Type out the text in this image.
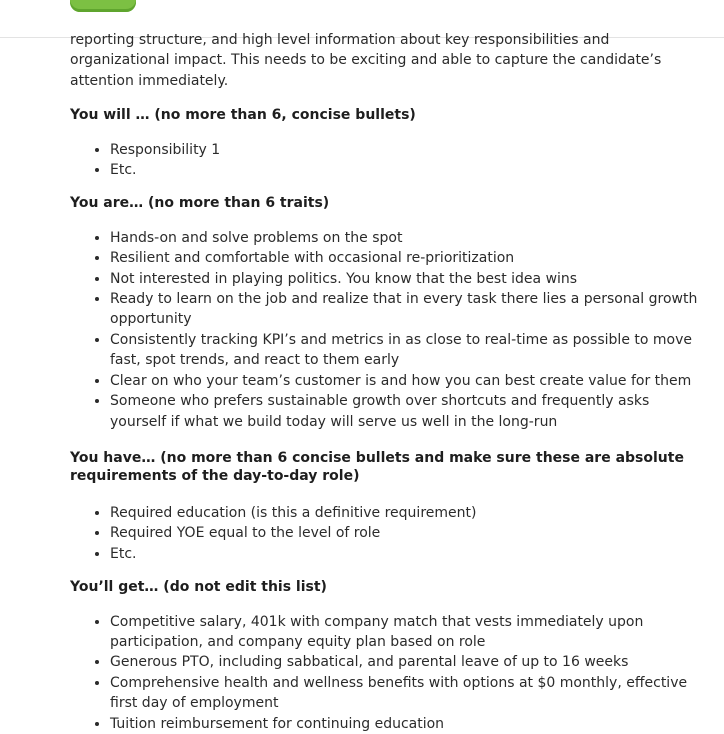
reporting structure, and high level information about key responsibilities and organizational impact. This needs to be exciting and able to capture the candidate’s attention immediately.

You will … (no more than 6, concise bullets)

• Responsibility 1
• Etc.

You are… (no more than 6 traits)

• Hands-on and solve problems on the spot
• Resilient and comfortable with occasional re-prioritization
• Not interested in playing politics. You know that the best idea wins
• Ready to learn on the job and realize that in every task there lies a personal growth opportunity
• Consistently tracking KPI’s and metrics in as close to real-time as possible to move fast, spot trends, and react to them early
• Clear on who your team’s customer is and how you can best create value for them
• Someone who prefers sustainable growth over shortcuts and frequently asks yourself if what we build today will serve us well in the long-run

You have… (no more than 6 concise bullets and make sure these are absolute requirements of the day-to-day role)

• Required education (is this a definitive requirement)
• Required YOE equal to the level of role
• Etc.

You’ll get… (do not edit this list)

• Competitive salary, 401k with company match that vests immediately upon participation, and company equity plan based on role
• Generous PTO, including sabbatical, and parental leave of up to 16 weeks
• Comprehensive health and wellness benefits with options at $0 monthly, effective first day of employment
• Tuition reimbursement for continuing education
